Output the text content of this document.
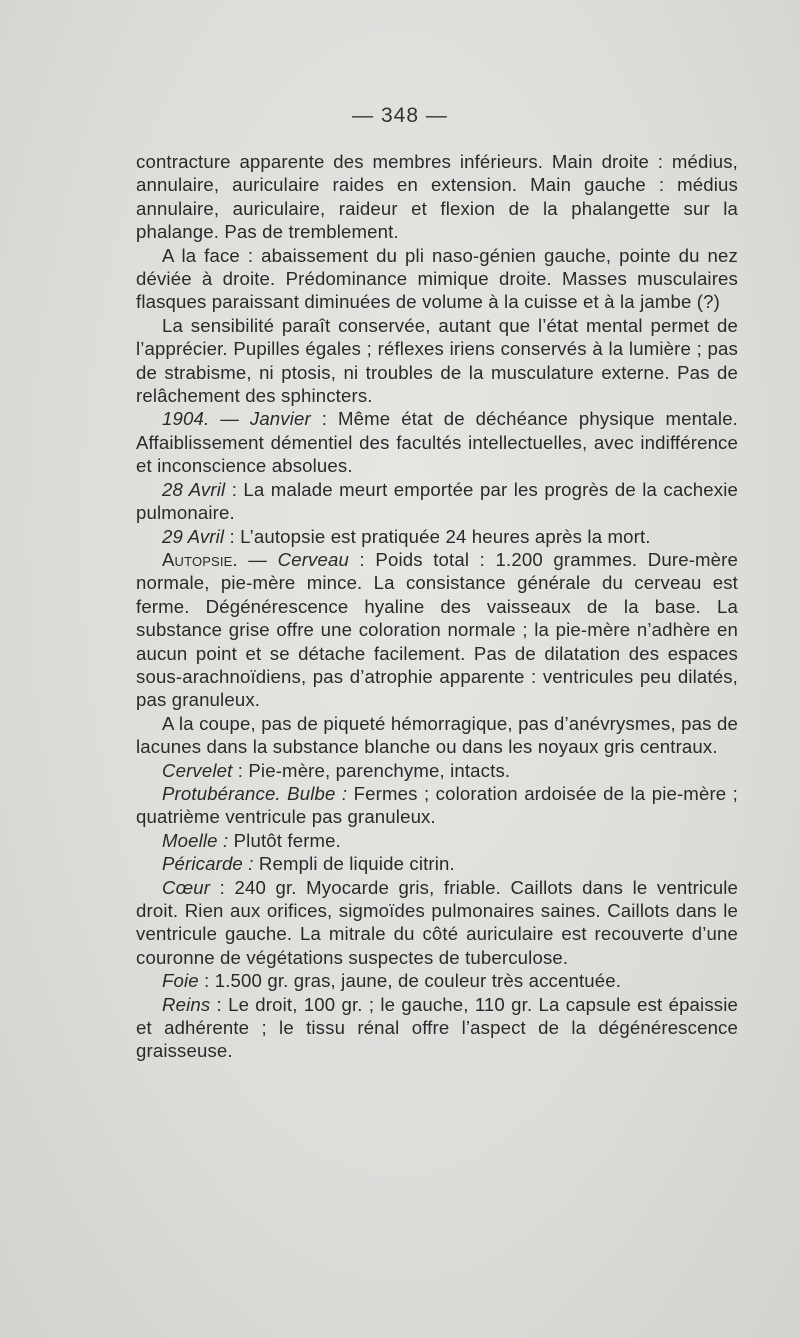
— 348 —

contracture apparente des membres inférieurs. Main droite : médius, annulaire, auriculaire raides en extension. Main gauche : médius annulaire, auriculaire, raideur et flexion de la phalangette sur la phalange. Pas de tremblement.

A la face : abaissement du pli naso-génien gauche, pointe du nez déviée à droite. Prédominance mimique droite. Masses musculaires flasques paraissant diminuées de volume à la cuisse et à la jambe (?)

La sensibilité paraît conservée, autant que l’état mental permet de l’apprécier. Pupilles égales ; réflexes iriens conservés à la lumière ; pas de strabisme, ni ptosis, ni troubles de la musculature externe. Pas de relâchement des sphincters.

1904. — Janvier : Même état de déchéance physique mentale. Affaiblissement démentiel des facultés intellectuelles, avec indifférence et inconscience absolues.

28 Avril : La malade meurt emportée par les progrès de la cachexie pulmonaire.

29 Avril : L’autopsie est pratiquée 24 heures après la mort.

Autopsie. — Cerveau : Poids total : 1.200 grammes. Dure-mère normale, pie-mère mince. La consistance générale du cerveau est ferme. Dégénérescence hyaline des vaisseaux de la base. La substance grise offre une coloration normale ; la pie-mère n’adhère en aucun point et se détache facilement. Pas de dilatation des espaces sous-arachnoïdiens, pas d’atrophie apparente : ventricules peu dilatés, pas granuleux.

A la coupe, pas de piqueté hémorragique, pas d’anévrysmes, pas de lacunes dans la substance blanche ou dans les noyaux gris centraux.

Cervelet : Pie-mère, parenchyme, intacts.

Protubérance. Bulbe : Fermes ; coloration ardoisée de la pie-mère ; quatrième ventricule pas granuleux.

Moelle : Plutôt ferme.

Péricarde : Rempli de liquide citrin.

Cœur : 240 gr. Myocarde gris, friable. Caillots dans le ventricule droit. Rien aux orifices, sigmoïdes pulmonaires saines. Caillots dans le ventricule gauche. La mitrale du côté auriculaire est recouverte d’une couronne de végétations suspectes de tuberculose.

Foie : 1.500 gr. gras, jaune, de couleur très accentuée.

Reins : Le droit, 100 gr. ; le gauche, 110 gr. La capsule est épaissie et adhérente ; le tissu rénal offre l’aspect de la dégénérescence graisseuse.
